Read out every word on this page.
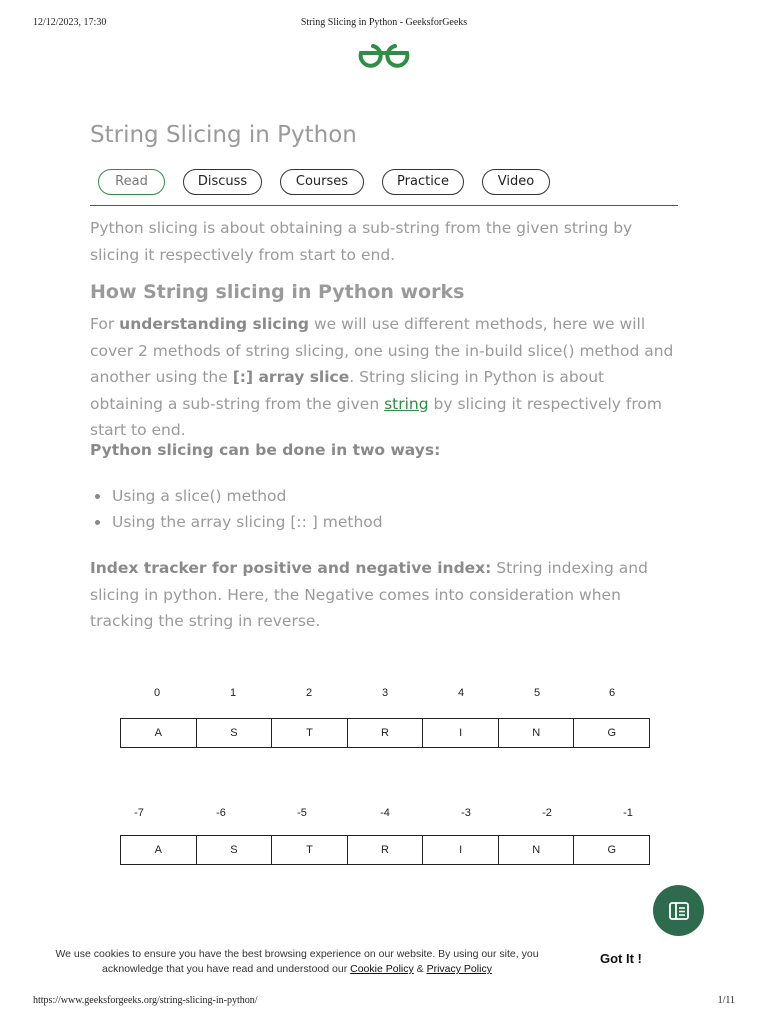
12/12/2023, 17:30	String Slicing in Python - GeeksforGeeks
String Slicing in Python
Read	Discuss	Courses	Practice	Video

Python slicing is about obtaining a sub-string from the given string by slicing it respectively from start to end.

How String slicing in Python works

For understanding slicing we will use different methods, here we will cover 2 methods of string slicing, one using the in-build slice() method and another using the [:] array slice. String slicing in Python is about obtaining a sub-string from the given string by slicing it respectively from start to end.

Python slicing can be done in two ways:

Using a slice() method
Using the array slicing [:: ] method

Index tracker for positive and negative index: String indexing and slicing in python. Here, the Negative comes into consideration when tracking the string in reverse.

0	1	2	3	4	5	6
A	S	T	R	I	N	G
-7	-6	-5	-4	-3	-2	-1
A	S	T	R	I	N	G
We use cookies to ensure you have the best browsing experience on our website. By using our site, you acknowledge that you have read and understood our Cookie Policy & Privacy Policy
Got It !
https://www.geeksforgeeks.org/string-slicing-in-python/	1/11
